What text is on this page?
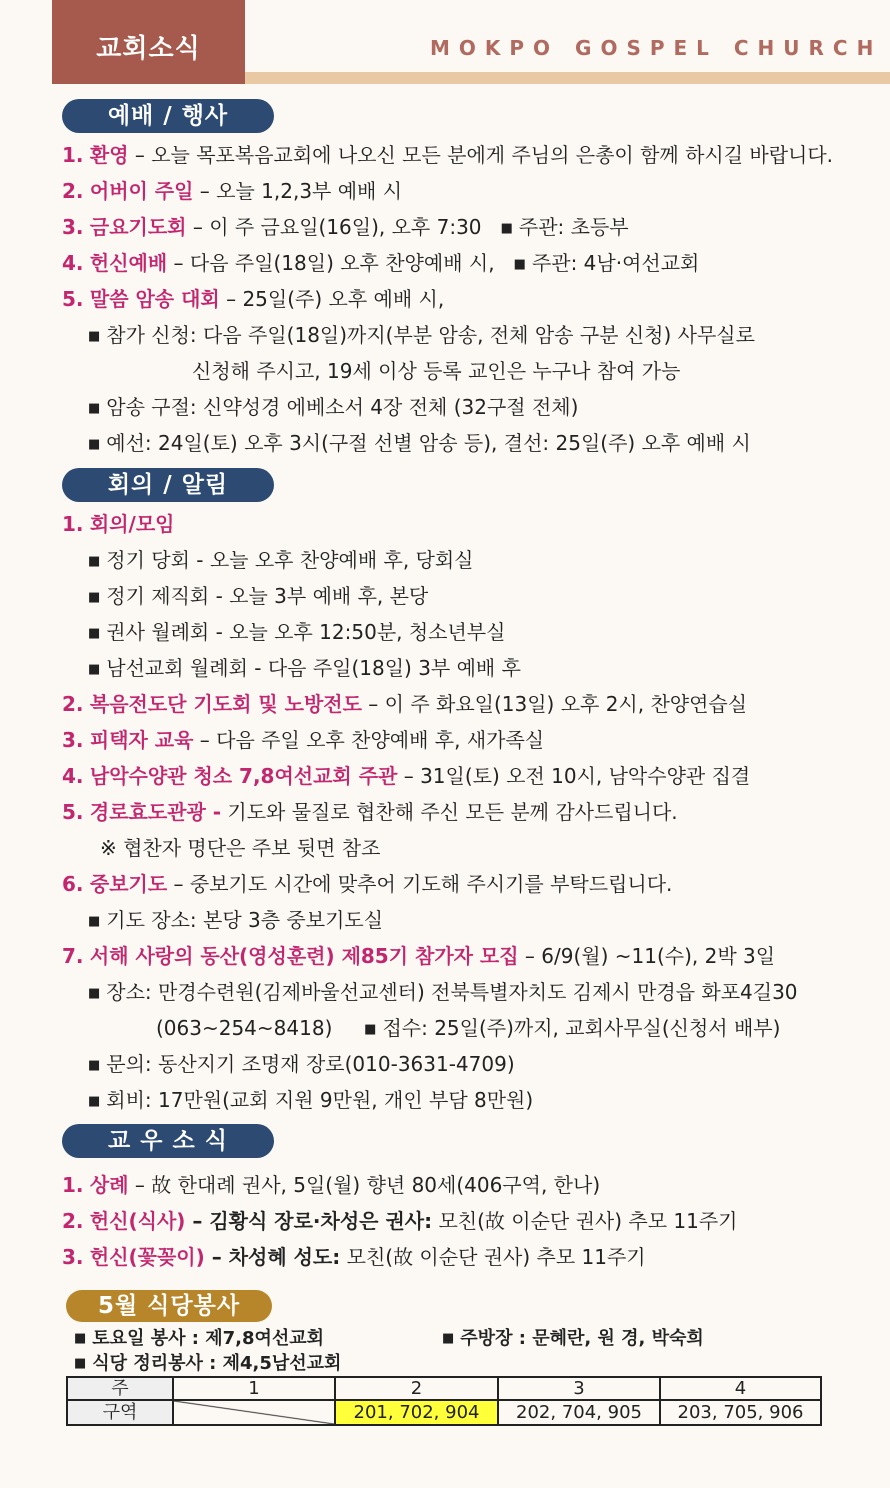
교회소식	MOKPO GOSPEL CHURCH
예배 / 행사
1. 환영 – 오늘 목포복음교회에 나오신 모든 분에게 주님의 은총이 함께 하시길 바랍니다.
2. 어버이 주일 – 오늘 1,2,3부 예배 시
3. 금요기도회 – 이 주 금요일(16일), 오후 7:30 ■ 주관: 초등부
4. 헌신예배 – 다음 주일(18일) 오후 찬양예배 시, ■ 주관: 4남·여선교회
5. 말씀 암송 대회 – 25일(주) 오후 예배 시,
■ 참가 신청: 다음 주일(18일)까지(부분 암송, 전체 암송 구분 신청) 사무실로
신청해 주시고, 19세 이상 등록 교인은 누구나 참여 가능
■ 암송 구절: 신약성경 에베소서 4장 전체 (32구절 전체)
■ 예선: 24일(토) 오후 3시(구절 선별 암송 등), 결선: 25일(주) 오후 예배 시
회의 / 알림
1. 회의/모임
■ 정기 당회 - 오늘 오후 찬양예배 후, 당회실
■ 정기 제직회 - 오늘 3부 예배 후, 본당
■ 권사 월례회 - 오늘 오후 12:50분, 청소년부실
■ 남선교회 월례회 - 다음 주일(18일) 3부 예배 후
2. 복음전도단 기도회 및 노방전도 – 이 주 화요일(13일) 오후 2시, 찬양연습실
3. 피택자 교육 – 다음 주일 오후 찬양예배 후, 새가족실
4. 남악수양관 청소 7,8여선교회 주관 – 31일(토) 오전 10시, 남악수양관 집결
5. 경로효도관광 - 기도와 물질로 협찬해 주신 모든 분께 감사드립니다.
※ 협찬자 명단은 주보 뒷면 참조
6. 중보기도 – 중보기도 시간에 맞추어 기도해 주시기를 부탁드립니다.
■ 기도 장소: 본당 3층 중보기도실
7. 서해 사랑의 동산(영성훈련) 제85기 참가자 모집 – 6/9(월) ~11(수), 2박 3일
■ 장소: 만경수련원(김제바울선교센터) 전북특별자치도 김제시 만경읍 화포4길30
(063~254~8418) ■ 접수: 25일(주)까지, 교회사무실(신청서 배부)
■ 문의: 동산지기 조명재 장로(010-3631-4709)
■ 회비: 17만원(교회 지원 9만원, 개인 부담 8만원)
교 우 소 식
1. 상례 – 故 한대례 권사, 5일(월) 향년 80세(406구역, 한나)
2. 헌신(식사) – 김황식 장로·차성은 권사: 모친(故 이순단 권사) 추모 11주기
3. 헌신(꽃꽂이) – 차성혜 성도: 모친(故 이순단 권사) 추모 11주기
5월 식당봉사
■ 토요일 봉사 : 제7,8여선교회	■ 주방장 : 문혜란, 원 경, 박숙희
■ 식당 정리봉사 : 제4,5남선교회
주	1	2	3	4
구역		201, 702, 904	202, 704, 905	203, 705, 906
